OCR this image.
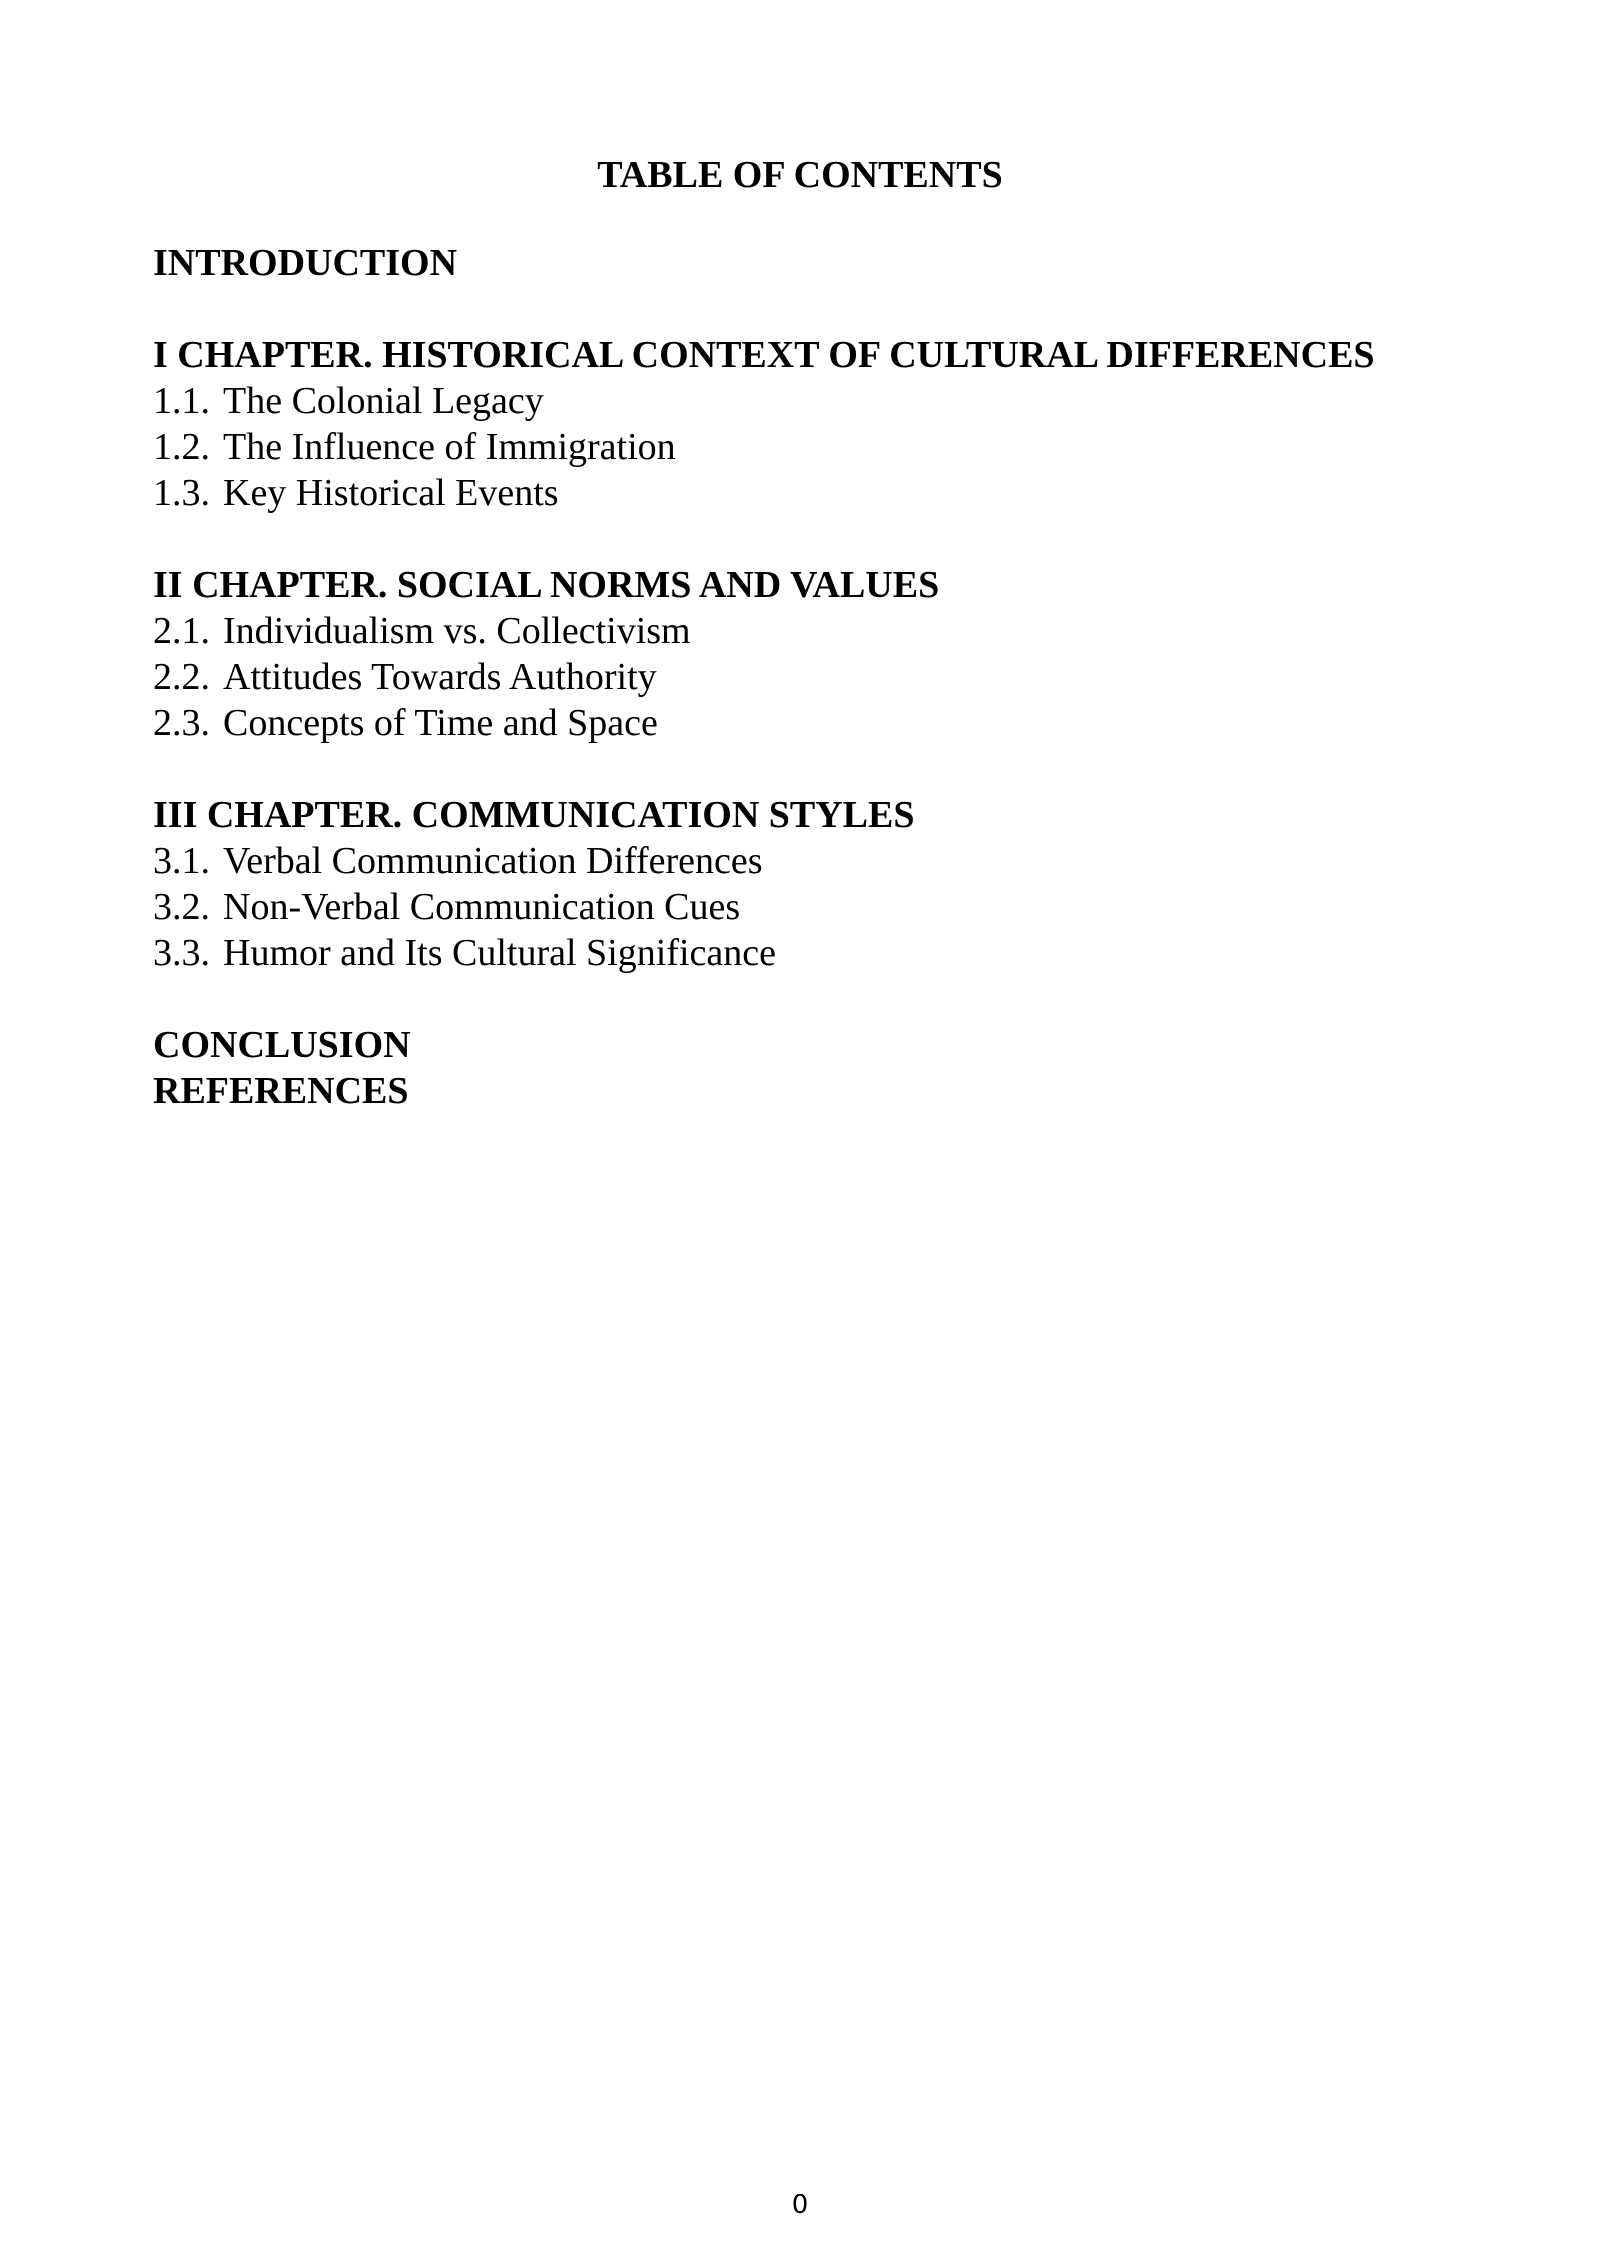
TABLE OF CONTENTS

INTRODUCTION

I CHAPTER. HISTORICAL CONTEXT OF CULTURAL DIFFERENCES

1.1. The Colonial Legacy

1.2. The Influence of Immigration

1.3. Key Historical Events

II CHAPTER. SOCIAL NORMS AND VALUES

2.1. Individualism vs. Collectivism

2.2. Attitudes Towards Authority

2.3. Concepts of Time and Space

III CHAPTER. COMMUNICATION STYLES

3.1. Verbal Communication Differences

3.2. Non-Verbal Communication Cues

3.3. Humor and Its Cultural Significance

CONCLUSION

REFERENCES

0
